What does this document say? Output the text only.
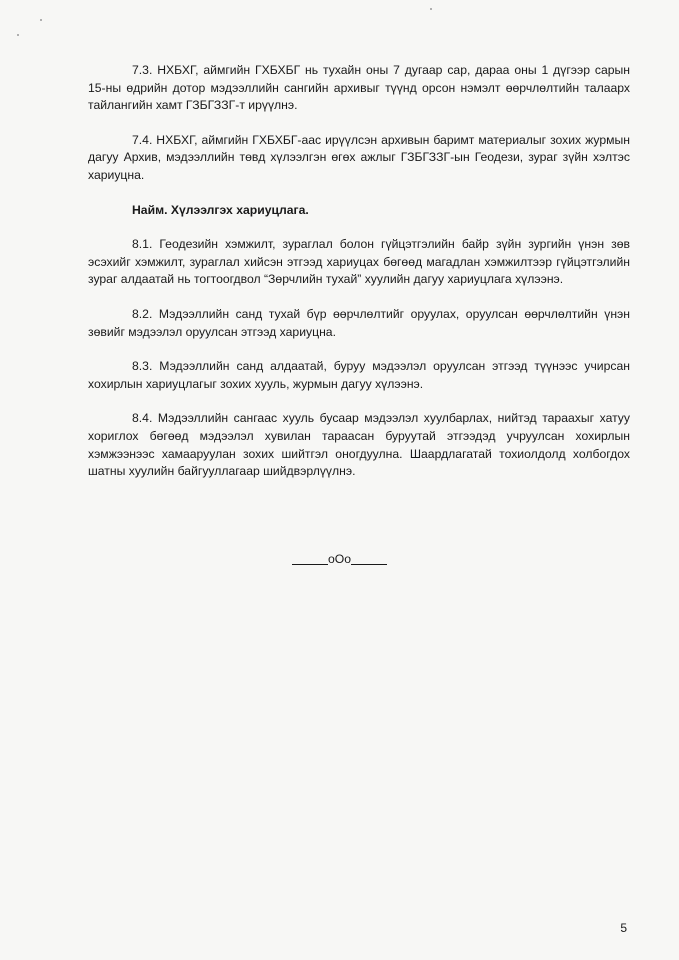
7.3. НХБХГ, аймгийн ГХБХБГ нь тухайн оны 7 дугаар сар, дараа оны 1 дүгээр сарын 15-ны өдрийн дотор мэдээллийн сангийн архивыг түүнд орсон нэмэлт өөрчлөлтийн талаарх тайлангийн хамт ГЗБГЗЗГ-т ирүүлнэ.

7.4. НХБХГ, аймгийн ГХБХБГ-аас ирүүлсэн архивын баримт материалыг зохих журмын дагуу Архив, мэдээллийн төвд хүлээлгэн өгөх ажлыг ГЗБГЗЗГ-ын Геодези, зураг зүйн хэлтэс хариуцна.

Найм. Хүлээлгэх хариуцлага.

8.1. Геодезийн хэмжилт, зураглал болон гүйцэтгэлийн байр зүйн зургийн үнэн зөв эсэхийг хэмжилт, зураглал хийсэн этгээд хариуцах бөгөөд магадлан хэмжилтээр гүйцэтгэлийн зураг алдаатай нь тогтоогдвол “Зөрчлийн тухай” хуулийн дагуу хариуцлага хүлээнэ.

8.2. Мэдээллийн санд тухай бүр өөрчлөлтийг оруулах, оруулсан өөрчлөлтийн үнэн зөвийг мэдээлэл оруулсан этгээд хариуцна.

8.3. Мэдээллийн санд алдаатай, буруу мэдээлэл оруулсан этгээд түүнээс учирсан хохирлын хариуцлагыг зохих хууль, журмын дагуу хүлээнэ.

8.4. Мэдээллийн сангаас хууль бусаар мэдээлэл хуулбарлах, нийтэд тараахыг хатуу хориглох бөгөөд мэдээлэл хувилан тараасан буруутай этгээдэд учруулсан хохирлын хэмжээнээс хамааруулан зохих шийтгэл оногдуулна. Шаардлагатай тохиолдолд холбогдох шатны хуулийн байгууллагаар шийдвэрлүүлнэ.

oOo
5
